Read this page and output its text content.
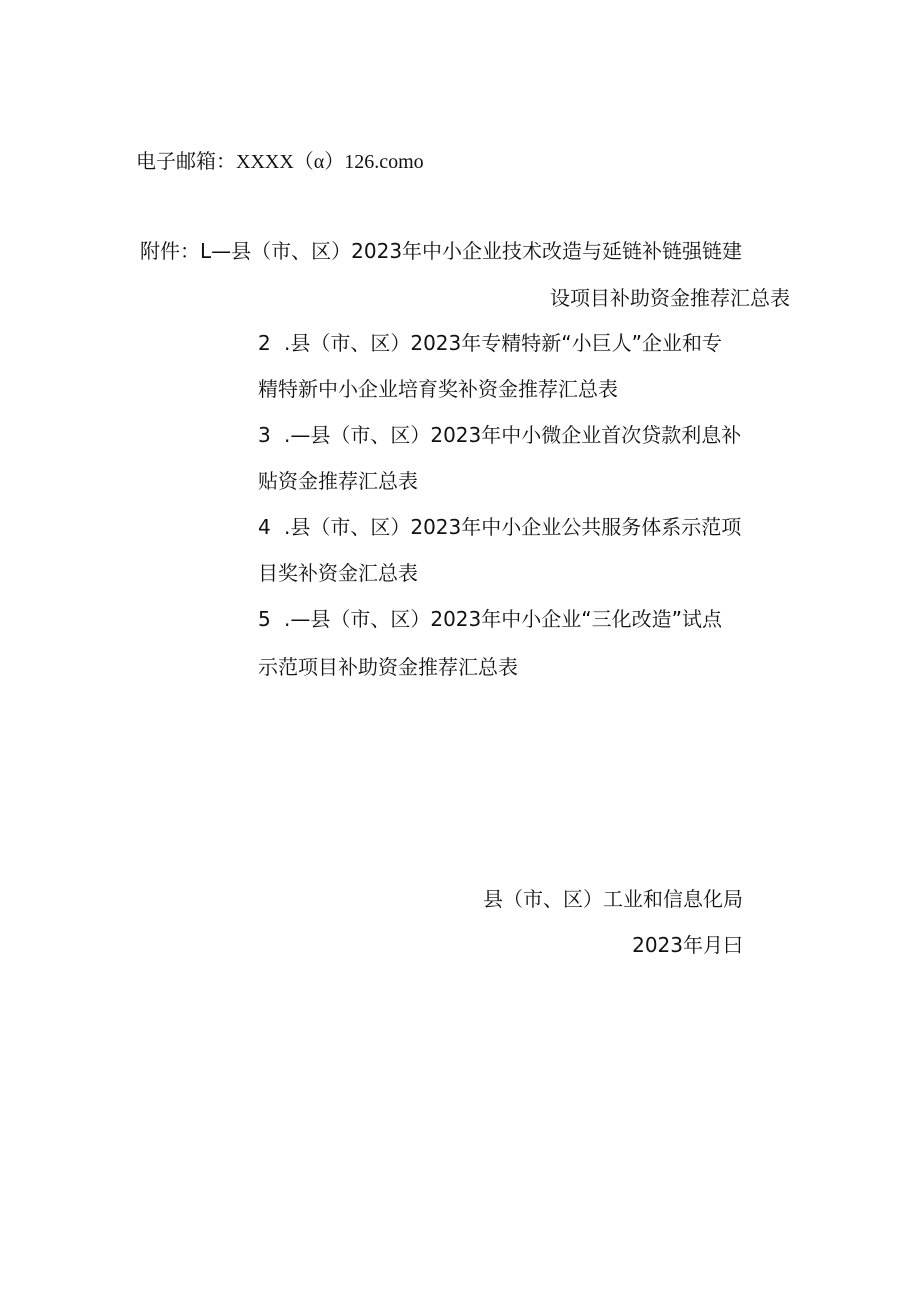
电子邮箱：XXXX（α）126.como
附件：L—县（市、区）2023年中小企业技术改造与延链补链强链建
设项目补助资金推荐汇总表
2 .县（市、区）2023年专精特新“小巨人”企业和专
精特新中小企业培育奖补资金推荐汇总表
3 .—县（市、区）2023年中小微企业首次贷款利息补
贴资金推荐汇总表
4 .县（市、区）2023年中小企业公共服务体系示范项
目奖补资金汇总表
5 .—县（市、区）2023年中小企业“三化改造”试点
示范项目补助资金推荐汇总表
县（市、区）工业和信息化局
2023年月曰
